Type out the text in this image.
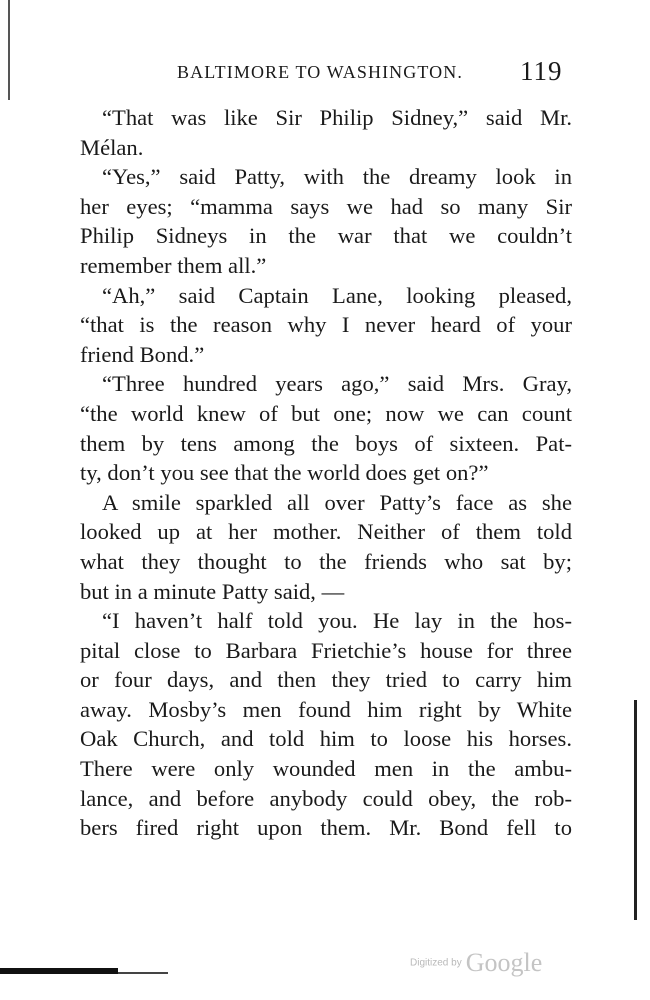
BALTIMORE TO WASHINGTON. 119
“That was like Sir Philip Sidney,” said Mr.
Mélan.
“Yes,” said Patty, with the dreamy look in
her eyes; “mamma says we had so many Sir
Philip Sidneys in the war that we couldn’t
remember them all.”
“Ah,” said Captain Lane, looking pleased,
“that is the reason why I never heard of your
friend Bond.”
“Three hundred years ago,” said Mrs. Gray,
“the world knew of but one; now we can count
them by tens among the boys of sixteen. Pat-
ty, don’t you see that the world does get on?”
A smile sparkled all over Patty’s face as she
looked up at her mother. Neither of them told
what they thought to the friends who sat by;
but in a minute Patty said, —
“I haven’t half told you. He lay in the hos-
pital close to Barbara Frietchie’s house for three
or four days, and then they tried to carry him
away. Mosby’s men found him right by White
Oak Church, and told him to loose his horses.
There were only wounded men in the ambu-
lance, and before anybody could obey, the rob-
bers fired right upon them. Mr. Bond fell to
Digitized by Google
